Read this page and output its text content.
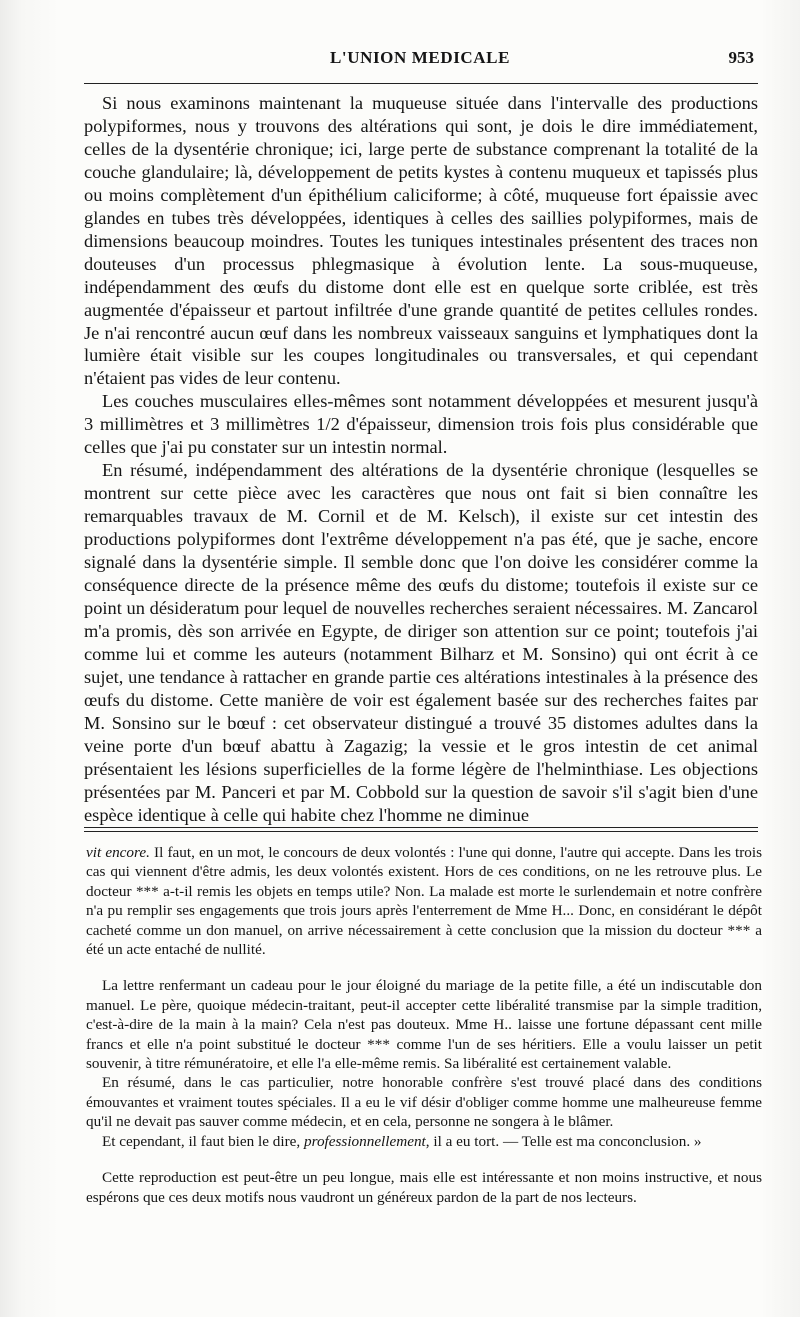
L'UNION MEDICALE	953

Si nous examinons maintenant la muqueuse située dans l'intervalle des productions polypiformes, nous y trouvons des altérations qui sont, je dois le dire immédiatement, celles de la dysentérie chronique; ici, large perte de substance comprenant la totalité de la couche glandulaire; là, développement de petits kystes à contenu muqueux et tapissés plus ou moins complètement d'un épithélium caliciforme; à côté, muqueuse fort épaissie avec glandes en tubes très développées, identiques à celles des saillies polypiformes, mais de dimensions beaucoup moindres. Toutes les tuniques intestinales présentent des traces non douteuses d'un processus phlegmasique à évolution lente. La sous-muqueuse, indépendamment des œufs du distome dont elle est en quelque sorte criblée, est très augmentée d'épaisseur et partout infiltrée d'une grande quantité de petites cellules rondes. Je n'ai rencontré aucun œuf dans les nombreux vaisseaux sanguins et lymphatiques dont la lumière était visible sur les coupes longitudinales ou transversales, et qui cependant n'étaient pas vides de leur contenu.

Les couches musculaires elles-mêmes sont notamment développées et mesurent jusqu'à 3 millimètres et 3 millimètres 1/2 d'épaisseur, dimension trois fois plus considérable que celles que j'ai pu constater sur un intestin normal.

En résumé, indépendamment des altérations de la dysentérie chronique (lesquelles se montrent sur cette pièce avec les caractères que nous ont fait si bien connaître les remarquables travaux de M. Cornil et de M. Kelsch), il existe sur cet intestin des productions polypiformes dont l'extrême développement n'a pas été, que je sache, encore signalé dans la dysentérie simple. Il semble donc que l'on doive les considérer comme la conséquence directe de la présence même des œufs du distome; toutefois il existe sur ce point un désideratum pour lequel de nouvelles recherches seraient nécessaires. M. Zancarol m'a promis, dès son arrivée en Egypte, de diriger son attention sur ce point; toutefois j'ai comme lui et comme les auteurs (notamment Bilharz et M. Sonsino) qui ont écrit à ce sujet, une tendance à rattacher en grande partie ces altérations intestinales à la présence des œufs du distome. Cette manière de voir est également basée sur des recherches faites par M. Sonsino sur le bœuf : cet observateur distingué a trouvé 35 distomes adultes dans la veine porte d'un bœuf abattu à Zagazig; la vessie et le gros intestin de cet animal présentaient les lésions superficielles de la forme légère de l'helminthiase. Les objections présentées par M. Panceri et par M. Cobbold sur la question de savoir s'il s'agit bien d'une espèce identique à celle qui habite chez l'homme ne diminue

vit encore. Il faut, en un mot, le concours de deux volontés : l'une qui donne, l'autre qui accepte. Dans les trois cas qui viennent d'être admis, les deux volontés existent. Hors de ces conditions, on ne les retrouve plus. Le docteur *** a-t-il remis les objets en temps utile? Non. La malade est morte le surlendemain et notre confrère n'a pu remplir ses engagements que trois jours après l'enterrement de Mme H... Donc, en considérant le dépôt cacheté comme un don manuel, on arrive nécessairement à cette conclusion que la mission du docteur *** a été un acte entaché de nullité.

La lettre renfermant un cadeau pour le jour éloigné du mariage de la petite fille, a été un indiscutable don manuel. Le père, quoique médecin-traitant, peut-il accepter cette libéralité transmise par la simple tradition, c'est-à-dire de la main à la main? Cela n'est pas douteux. Mme H.. laisse une fortune dépassant cent mille francs et elle n'a point substitué le docteur *** comme l'un de ses héritiers. Elle a voulu laisser un petit souvenir, à titre rémunératoire, et elle l'a elle-même remis. Sa libéralité est certainement valable.

En résumé, dans le cas particulier, notre honorable confrère s'est trouvé placé dans des conditions émouvantes et vraiment toutes spéciales. Il a eu le vif désir d'obliger comme homme une malheureuse femme qu'il ne devait pas sauver comme médecin, et en cela, personne ne songera à le blâmer.

Et cependant, il faut bien le dire, professionnellement, il a eu tort. — Telle est ma conconclusion. »

Cette reproduction est peut-être un peu longue, mais elle est intéressante et non moins instructive, et nous espérons que ces deux motifs nous vaudront un généreux pardon de la part de nos lecteurs.
